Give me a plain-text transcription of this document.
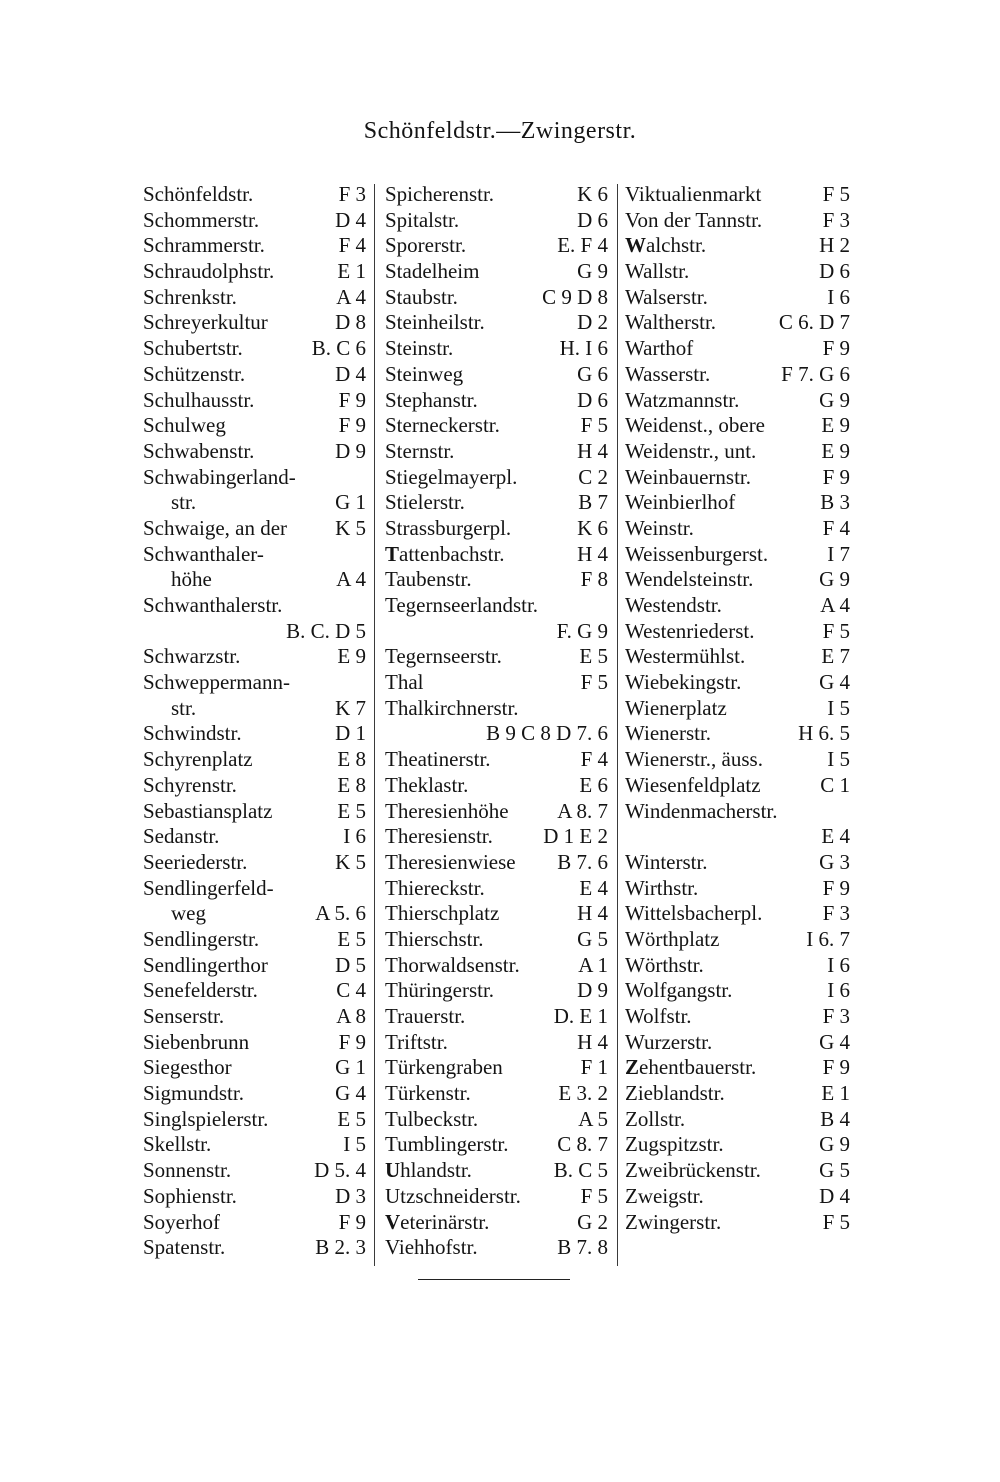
Schönfeldstr.—Zwingerstr.
Schönfeldstr.	F 3
Schommerstr.	D 4
Schrammerstr.	F 4
Schraudolphstr.	E 1
Schrenkstr.	A 4
Schreyerkultur	D 8
Schubertstr.	B. C 6
Schützenstr.	D 4
Schulhausstr.	F 9
Schulweg	F 9
Schwabenstr.	D 9
Schwabingerland-
str.	G 1
Schwaige, an der K 5
Schwanthaler-
höhe	A 4
Schwanthalerstr.
B. C. D 5
Schwarzstr.	E 9
Schweppermann-
str.	K 7
Schwindstr.	D 1
Schyrenplatz	E 8
Schyrenstr.	E 8
Sebastiansplatz	E 5
Sedanstr.	I 6
Seeriederstr.	K 5
Sendlingerfeld-
weg	A 5. 6
Sendlingerstr.	E 5
Sendlingerthor	D 5
Senefelderstr.	C 4
Senserstr.	A 8
Siebenbrunn	F 9
Siegesthor	G 1
Sigmundstr.	G 4
Singlspielerstr.	E 5
Skellstr.	I 5
Sonnenstr.	D 5. 4
Sophienstr.	D 3
Soyerhof	F 9
Spatenstr.	B 2. 3
Spicherenstr.	K 6
Spitalstr.	D 6
Sporerstr.	E. F 4
Stadelheim	G 9
Staubstr.	C 9 D 8
Steinheilstr.	D 2
Steinstr.	H. I 6
Steinweg	G 6
Stephanstr.	D 6
Sterneckerstr.	F 5
Sternstr.	H 4
Stiegelmayerpl.	C 2
Stielerstr.	B 7
Strassburgerpl.	K 6
Tattenbachstr.	H 4
Taubenstr.	F 8
Tegernseerlandstr.
F. G 9
Tegernseerstr.	E 5
Thal	F 5
Thalkirchnerstr.
B 9 C 8 D 7. 6
Theatinerstr.	F 4
Theklastr.	E 6
Theresienhöhe A 8. 7
Theresienstr. D 1 E 2
Theresienwiese B 7. 6
Thiereckstr.	E 4
Thierschplatz	H 4
Thierschstr.	G 5
Thorwaldsenstr.	A 1
Thüringerstr.	D 9
Trauerstr.	D. E 1
Triftstr.	H 4
Türkengraben	F 1
Türkenstr.	E 3. 2
Tulbeckstr.	A 5
Tumblingerstr. C 8. 7
Uhlandstr.	B. C 5
Utzschneiderstr.	F 5
Veterinärstr.	G 2
Viehhofstr.	B 7. 8
Viktualienmarkt	F 5
Von der Tannstr.	F 3
Walchstr.	H 2
Wallstr.	D 6
Walserstr.	I 6
Waltherstr.	C 6. D 7
Warthof	F 9
Wasserstr.	F 7. G 6
Watzmannstr.	G 9
Weidenst., obere	E 9
Weidenstr., unt.	E 9
Weinbauernstr.	F 9
Weinbierlhof	B 3
Weinstr.	F 4
Weissenburgerst.	I 7
Wendelsteinstr.	G 9
Westendstr.	A 4
Westenriederst.	F 5
Westermühlst.	E 7
Wiebekingstr.	G 4
Wienerplatz	I 5
Wienerstr.	H 6. 5
Wienerstr., äuss.	I 5
Wiesenfeldplatz	C 1
Windenmacherstr.
E 4
Winterstr.	G 3
Wirthstr.	F 9
Wittelsbacherpl.	F 3
Wörthplatz	I 6. 7
Wörthstr.	I 6
Wolfgangstr.	I 6
Wolfstr.	F 3
Wurzerstr.	G 4
Zehentbauerstr.	F 9
Zieblandstr.	E 1
Zollstr.	B 4
Zugspitzstr.	G 9
Zweibrückenstr.	G 5
Zweigstr.	D 4
Zwingerstr.	F 5
